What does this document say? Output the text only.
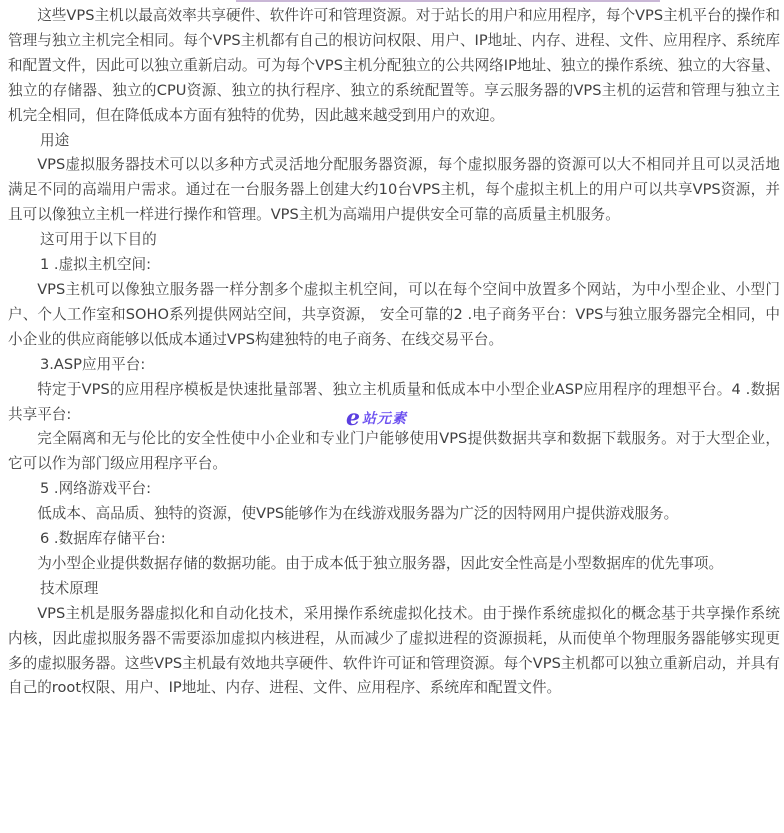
这些VPS主机以最高效率共享硬件、软件许可和管理资源。对于站长的用户和应用程序，每个VPS主机平台的操作和管理与独立主机完全相同。每个VPS主机都有自己的根访问权限、用户、IP地址、内存、进程、文件、应用程序、系统库和配置文件，因此可以独立重新启动。可为每个VPS主机分配独立的公共网络IP地址、独立的操作系统、独立的大容量、独立的存储器、独立的CPU资源、独立的执行程序、独立的系统配置等。享云服务器的VPS主机的运营和管理与独立主机完全相同，但在降低成本方面有独特的优势，因此越来越受到用户的欢迎。

用途

VPS虚拟服务器技术可以以多种方式灵活地分配服务器资源，每个虚拟服务器的资源可以大不相同并且可以灵活地满足不同的高端用户需求。通过在一台服务器上创建大约10台VPS主机，每个虚拟主机上的用户可以共享VPS资源，并且可以像独立主机一样进行操作和管理。VPS主机为高端用户提供安全可靠的高质量主机服务。

这可用于以下目的

1 .虚拟主机空间:

VPS主机可以像独立服务器一样分割多个虚拟主机空间，可以在每个空间中放置多个网站，为中小型企业、小型门户、个人工作室和SOHO系列提供网站空间，共享资源， 安全可靠的2 .电子商务平台：VPS与独立服务器完全相同，中小企业的供应商能够以低成本通过VPS构建独特的电子商务、在线交易平台。

3.ASP应用平台:

特定于VPS的应用程序模板是快速批量部署、独立主机质量和低成本中小型企业ASP应用程序的理想平台。4 .数据共享平台:

完全隔离和无与伦比的安全性使中小企业和专业门户能够使用VPS提供数据共享和数据下载服务。对于大型企业，它可以作为部门级应用程序平台。

5 .网络游戏平台:

低成本、高品质、独特的资源，使VPS能够作为在线游戏服务器为广泛的因特网用户提供游戏服务。

6 .数据库存储平台:

为小型企业提供数据存储的数据功能。由于成本低于独立服务器，因此安全性高是小型数据库的优先事项。

技术原理

VPS主机是服务器虚拟化和自动化技术，采用操作系统虚拟化技术。由于操作系统虚拟化的概念基于共享操作系统内核，因此虚拟服务器不需要添加虚拟内核进程，从而减少了虚拟进程的资源损耗，从而使单个物理服务器能够实现更多的虚拟服务器。这些VPS主机最有效地共享硬件、软件许可证和管理资源。每个VPS主机都可以独立重新启动，并具有自己的root权限、用户、IP地址、内存、进程、文件、应用程序、系统库和配置文件。

e 站元素
